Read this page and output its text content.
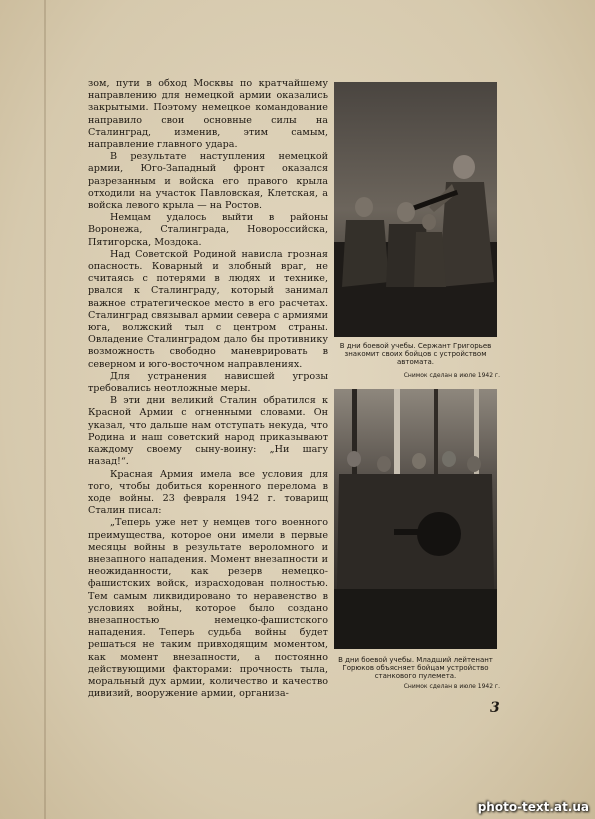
зом, пути в обход Москвы по кратчайшему направлению для немецкой армии оказались закрытыми. Поэтому немецкое командование направило свои основные силы на Сталинград, изменив, этим самым, направление главного удара.

В результате наступления немецкой армии, Юго-Западный фронт оказался разрезанным и войска его правого крыла отходили на участок Павловская, Клетская, а войска левого крыла — на Ростов.

Немцам удалось выйти в районы Воронежа, Сталинграда, Новороссийска, Пятигорска, Моздока.

Над Советской Родиной нависла грозная опасность. Коварный и злобный враг, не считаясь с потерями в людях и технике, рвался к Сталинграду, который занимал важное стратегическое место в его расчетах. Сталинград связывал армии севера с армиями юга, волжский тыл с центром страны. Овладение Сталинградом дало бы противнику возможность свободно маневрировать в северном и юго-восточном направлениях.

Для устранения нависшей угрозы требовались неотложные меры.

В эти дни великий Сталин обратился к Красной Армии с огненными словами. Он указал, что дальше нам отступать некуда, что Родина и наш советский народ приказывают каждому своему сыну-воину: „Ни шагу назад!“.

Красная Армия имела все условия для того, чтобы добиться коренного перелома в ходе войны. 23 февраля 1942 г. товарищ Сталин писал:

„Теперь уже нет у немцев того военного преимущества, которое они имели в первые месяцы войны в результате вероломного и внезапного нападения. Момент внезапности и неожиданности, как резерв немецко-фашистских войск, израсходован полностью. Тем самым ликвидировано то неравенство в условиях войны, которое было создано внезапностью немецко-фашистского нападения. Теперь судьба войны будет решаться не таким привходящим моментом, как момент внезапности, а постоянно действующими факторами: прочность тыла, моральный дух армии, количество и качество дивизий, вооружение армии, организа-

В дни боевой учебы. Сержант Григорьев знакомит своих бойцов с устройством автомата.
Снимок сделан в июле 1942 г.
В дни боевой учебы. Младший лейтенант Горюков объясняет бойцам устройство станкового пулемета.
Снимок сделан в июле 1942 г.
3
photo-text.at.ua
